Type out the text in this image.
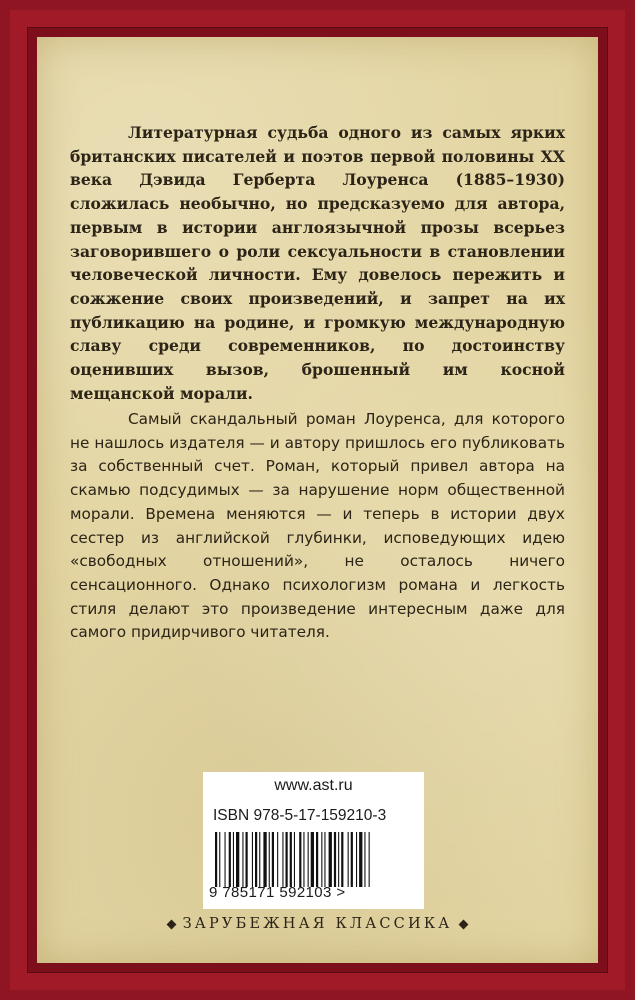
Литературная судьба одного из самых ярких британских писателей и поэтов первой половины XX века Дэвида Герберта Лоуренса (1885–1930) сложилась необычно, но предсказуемо для автора, первым в истории англоязычной прозы всерьез заговорившего о роли сексуальности в становлении человеческой личности. Ему довелось пережить и сожжение своих произведений, и запрет на их публикацию на родине, и громкую международную славу среди современников, по достоинству оценивших вызов, брошенный им косной мещанской морали.

Самый скандальный роман Лоуренса, для которого не нашлось издателя — и автору пришлось его публиковать за собственный счет. Роман, который привел автора на скамью подсудимых — за нарушение норм общественной морали. Времена меняются — и теперь в истории двух сестер из английской глубинки, исповедующих идею «свободных отношений», не осталось ничего сенсационного. Однако психологизм романа и легкость стиля делают это произведение интересным даже для самого придирчивого читателя.

www.ast.ru
ISBN 978-5-17-159210-3
9 785171 592103 >
ЗАРУБЕЖНАЯ КЛАССИКА
